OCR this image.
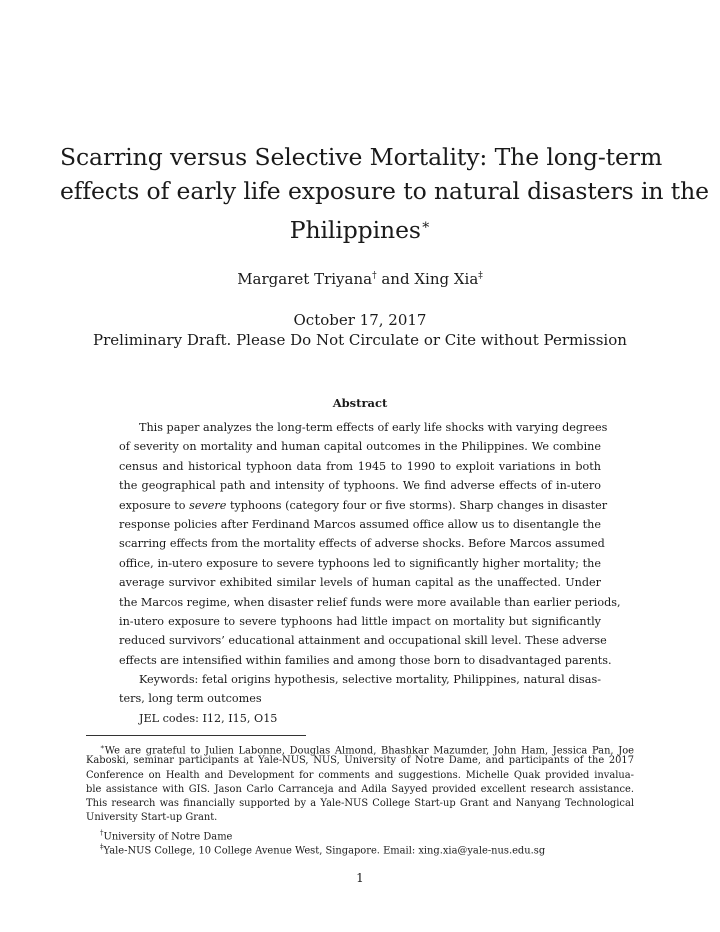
Scarring versus Selective Mortality: The long-term
effects of early life exposure to natural disasters in the
Philippines∗
Margaret Triyana† and Xing Xia‡
October 17, 2017
Preliminary Draft. Please Do Not Circulate or Cite without Permission
Abstract
This paper analyzes the long-term effects of early life shocks with varying degrees
of severity on mortality and human capital outcomes in the Philippines. We combine
census and historical typhoon data from 1945 to 1990 to exploit variations in both
the geographical path and intensity of typhoons. We find adverse effects of in-utero
exposure to severe typhoons (category four or five storms). Sharp changes in disaster
response policies after Ferdinand Marcos assumed office allow us to disentangle the
scarring effects from the mortality effects of adverse shocks. Before Marcos assumed
office, in-utero exposure to severe typhoons led to significantly higher mortality; the
average survivor exhibited similar levels of human capital as the unaffected. Under
the Marcos regime, when disaster relief funds were more available than earlier periods,
in-utero exposure to severe typhoons had little impact on mortality but significantly
reduced survivors’ educational attainment and occupational skill level. These adverse
effects are intensified within families and among those born to disadvantaged parents.
Keywords: fetal origins hypothesis, selective mortality, Philippines, natural disas-
ters, long term outcomes
JEL codes: I12, I15, O15
∗We are grateful to Julien Labonne, Douglas Almond, Bhashkar Mazumder, John Ham, Jessica Pan, Joe
Kaboski, seminar participants at Yale-NUS, NUS, University of Notre Dame, and participants of the 2017
Conference on Health and Development for comments and suggestions. Michelle Quak provided invalua-
ble assistance with GIS. Jason Carlo Carranceja and Adila Sayyed provided excellent research assistance.
This research was financially supported by a Yale-NUS College Start-up Grant and Nanyang Technological
University Start-up Grant.
†University of Notre Dame
‡Yale-NUS College, 10 College Avenue West, Singapore. Email: xing.xia@yale-nus.edu.sg
1
